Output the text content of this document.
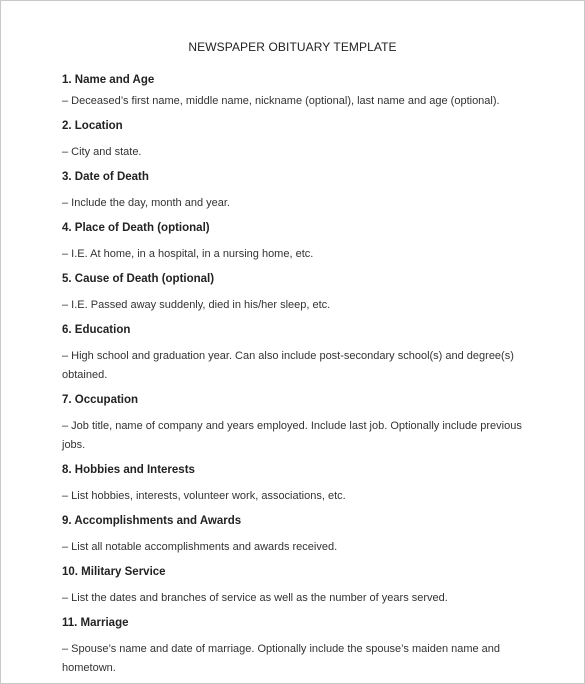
NEWSPAPER OBITUARY TEMPLATE

1. Name and Age

– Deceased’s first name, middle name, nickname (optional), last name and age (optional).

2. Location

– City and state.

3. Date of Death

– Include the day, month and year.

4. Place of Death (optional)

– I.E. At home, in a hospital, in a nursing home, etc.

5. Cause of Death (optional)

– I.E. Passed away suddenly, died in his/her sleep, etc.

6. Education

– High school and graduation year. Can also include post-secondary school(s) and degree(s) obtained.

7. Occupation

– Job title, name of company and years employed. Include last job. Optionally include previous jobs.

8. Hobbies and Interests

– List hobbies, interests, volunteer work, associations, etc.

9. Accomplishments and Awards

– List all notable accomplishments and awards received.

10. Military Service

– List the dates and branches of service as well as the number of years served.

11. Marriage

– Spouse’s name and date of marriage. Optionally include the spouse’s maiden name and hometown.
